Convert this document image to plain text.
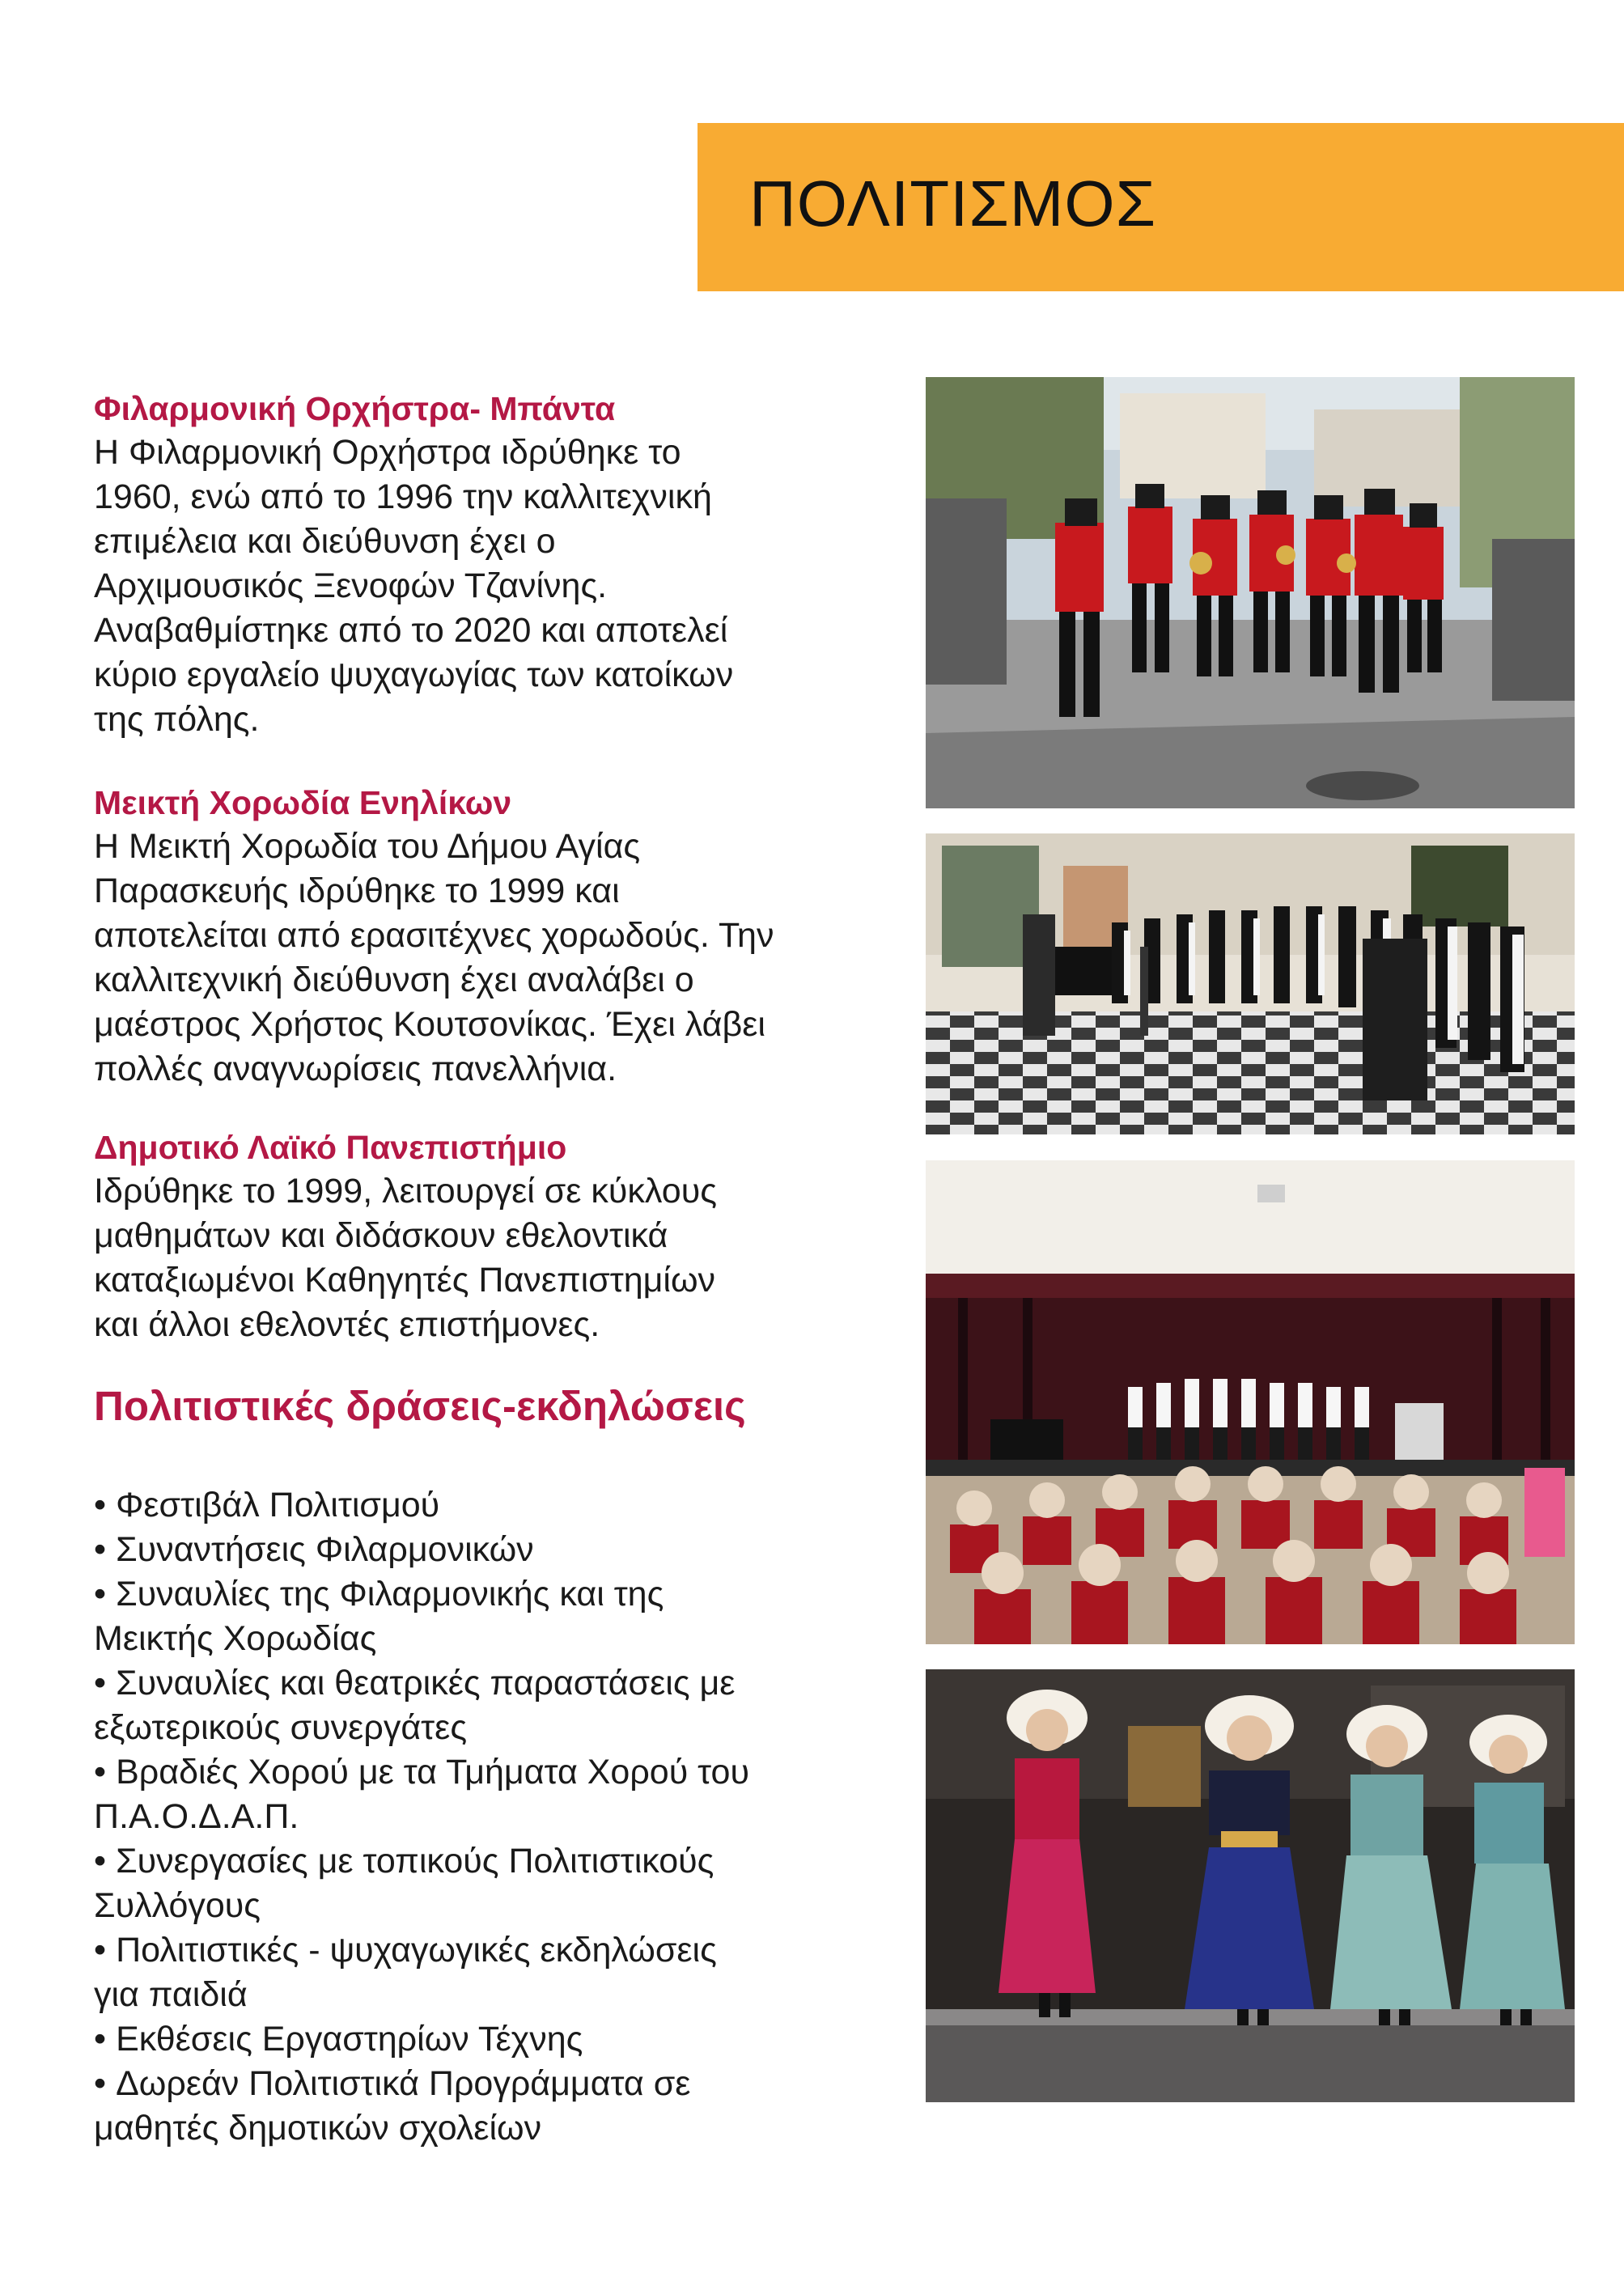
ΠΟΛΙΤΙΣΜΟΣ
Φιλαρμονική Ορχήστρα- Μπάντα
Η Φιλαρμονική Ορχήστρα ιδρύθηκε το
1960, ενώ από το 1996 την καλλιτεχνική
επιμέλεια και διεύθυνση έχει ο
Αρχιμουσικός Ξενοφών Τζανίνης.
Αναβαθμίστηκε από το 2020 και αποτελεί
κύριο εργαλείο ψυχαγωγίας των κατοίκων
της πόλης.
Μεικτή Χορωδία Ενηλίκων
Η Μεικτή Χορωδία του Δήμου Αγίας
Παρασκευής ιδρύθηκε το 1999 και
αποτελείται από ερασιτέχνες χορωδούς. Την
καλλιτεχνική διεύθυνση έχει αναλάβει ο
μαέστρος Χρήστος Κουτσονίκας. Έχει λάβει
πολλές αναγνωρίσεις πανελλήνια.
Δημοτικό Λαϊκό Πανεπιστήμιο
Ιδρύθηκε το 1999, λειτουργεί σε κύκλους
μαθημάτων και διδάσκουν εθελοντικά
καταξιωμένοι Καθηγητές Πανεπιστημίων
και άλλοι εθελοντές επιστήμονες.
Πολιτιστικές δράσεις-εκδηλώσεις
• Φεστιβάλ Πολιτισμού
• Συναντήσεις Φιλαρμονικών
• Συναυλίες της Φιλαρμονικής και της
Μεικτής Χορωδίας
• Συναυλίες και θεατρικές παραστάσεις με
εξωτερικούς συνεργάτες
• Βραδιές Χορού με τα Τμήματα Χορού του
Π.Α.Ο.Δ.Α.Π.
• Συνεργασίες με τοπικούς Πολιτιστικούς
Συλλόγους
• Πολιτιστικές - ψυχαγωγικές εκδηλώσεις
για παιδιά
• Εκθέσεις Εργαστηρίων Τέχνης
• Δωρεάν Πολιτιστικά Προγράμματα σε
μαθητές δημοτικών σχολείων
